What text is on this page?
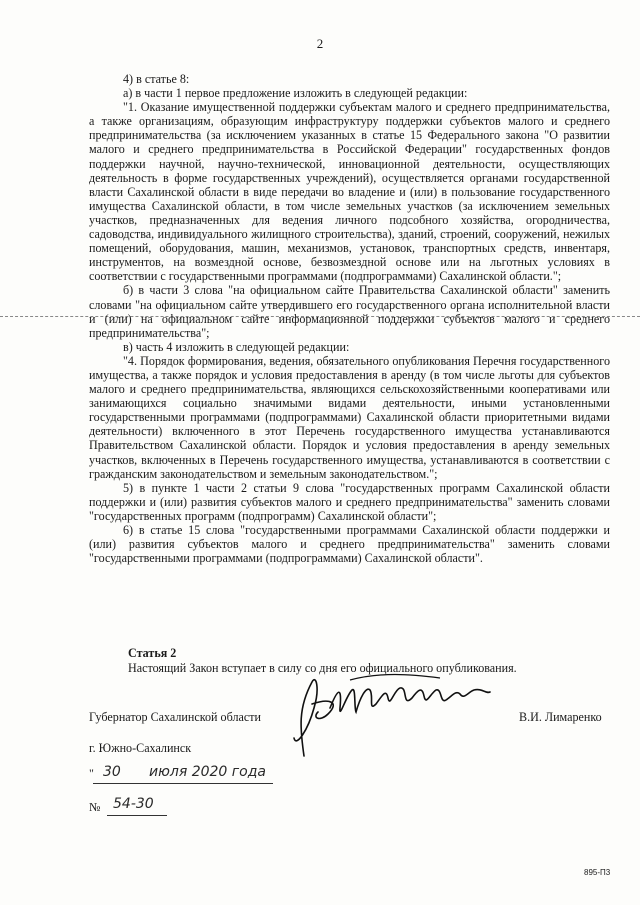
2

4) в статье 8:

а) в части 1 первое предложение изложить в следующей редакции:

"1. Оказание имущественной поддержки субъектам малого и среднего предпринимательства, а также организациям, образующим инфраструктуру поддержки субъектов малого и среднего предпринимательства (за исключением указанных в статье 15 Федерального закона "О развитии малого и среднего предпринимательства в Российской Федерации" государственных фондов поддержки научной, научно-технической, инновационной деятельности, осуществляющих деятельность в форме государственных учреждений), осуществляется органами государственной власти Сахалинской области в виде передачи во владение и (или) в пользование государственного имущества Сахалинской области, в том числе земельных участков (за исключением земельных участков, предназначенных для ведения личного подсобного хозяйства, огородничества, садоводства, индивидуального жилищного строительства), зданий, строений, сооружений, нежилых помещений, оборудования, машин, механизмов, установок, транспортных средств, инвентаря, инструментов, на возмездной основе, безвозмездной основе или на льготных условиях в соответствии с государственными программами (подпрограммами) Сахалинской области.";

б) в части 3 слова "на официальном сайте Правительства Сахалинской области" заменить словами "на официальном сайте утвердившего его государственного органа исполнительной власти и (или) на официальном сайте информационной поддержки субъектов малого и среднего предпринимательства";

в) часть 4 изложить в следующей редакции:

"4. Порядок формирования, ведения, обязательного опубликования Перечня государственного имущества, а также порядок и условия предоставления в аренду (в том числе льготы для субъектов малого и среднего предпринимательства, являющихся сельскохозяйственными кооперативами или занимающихся социально значимыми видами деятельности, иными установленными государственными программами (подпрограммами) Сахалинской области приоритетными видами деятельности) включенного в этот Перечень государственного имущества устанавливаются Правительством Сахалинской области. Порядок и условия предоставления в аренду земельных участков, включенных в Перечень государственного имущества, устанавливаются в соответствии с гражданским законодательством и земельным законодательством.";

5) в пункте 1 части 2 статьи 9 слова "государственных программ Сахалинской области поддержки и (или) развития субъектов малого и среднего предпринимательства" заменить словами "государственных программ (подпрограмм) Сахалинской области";

6) в статье 15 слова "государственными программами Сахалинской области поддержки и (или) развития субъектов малого и среднего предпринимательства" заменить словами "государственными программами (подпрограммами) Сахалинской области".

Статья 2
Настоящий Закон вступает в силу со дня его официального опубликования.
Губернатор Сахалинской области	В.И. Лимаренко
г. Южно-Сахалинск
" 30 июля 2020 года
№ 54-30
895-П3
